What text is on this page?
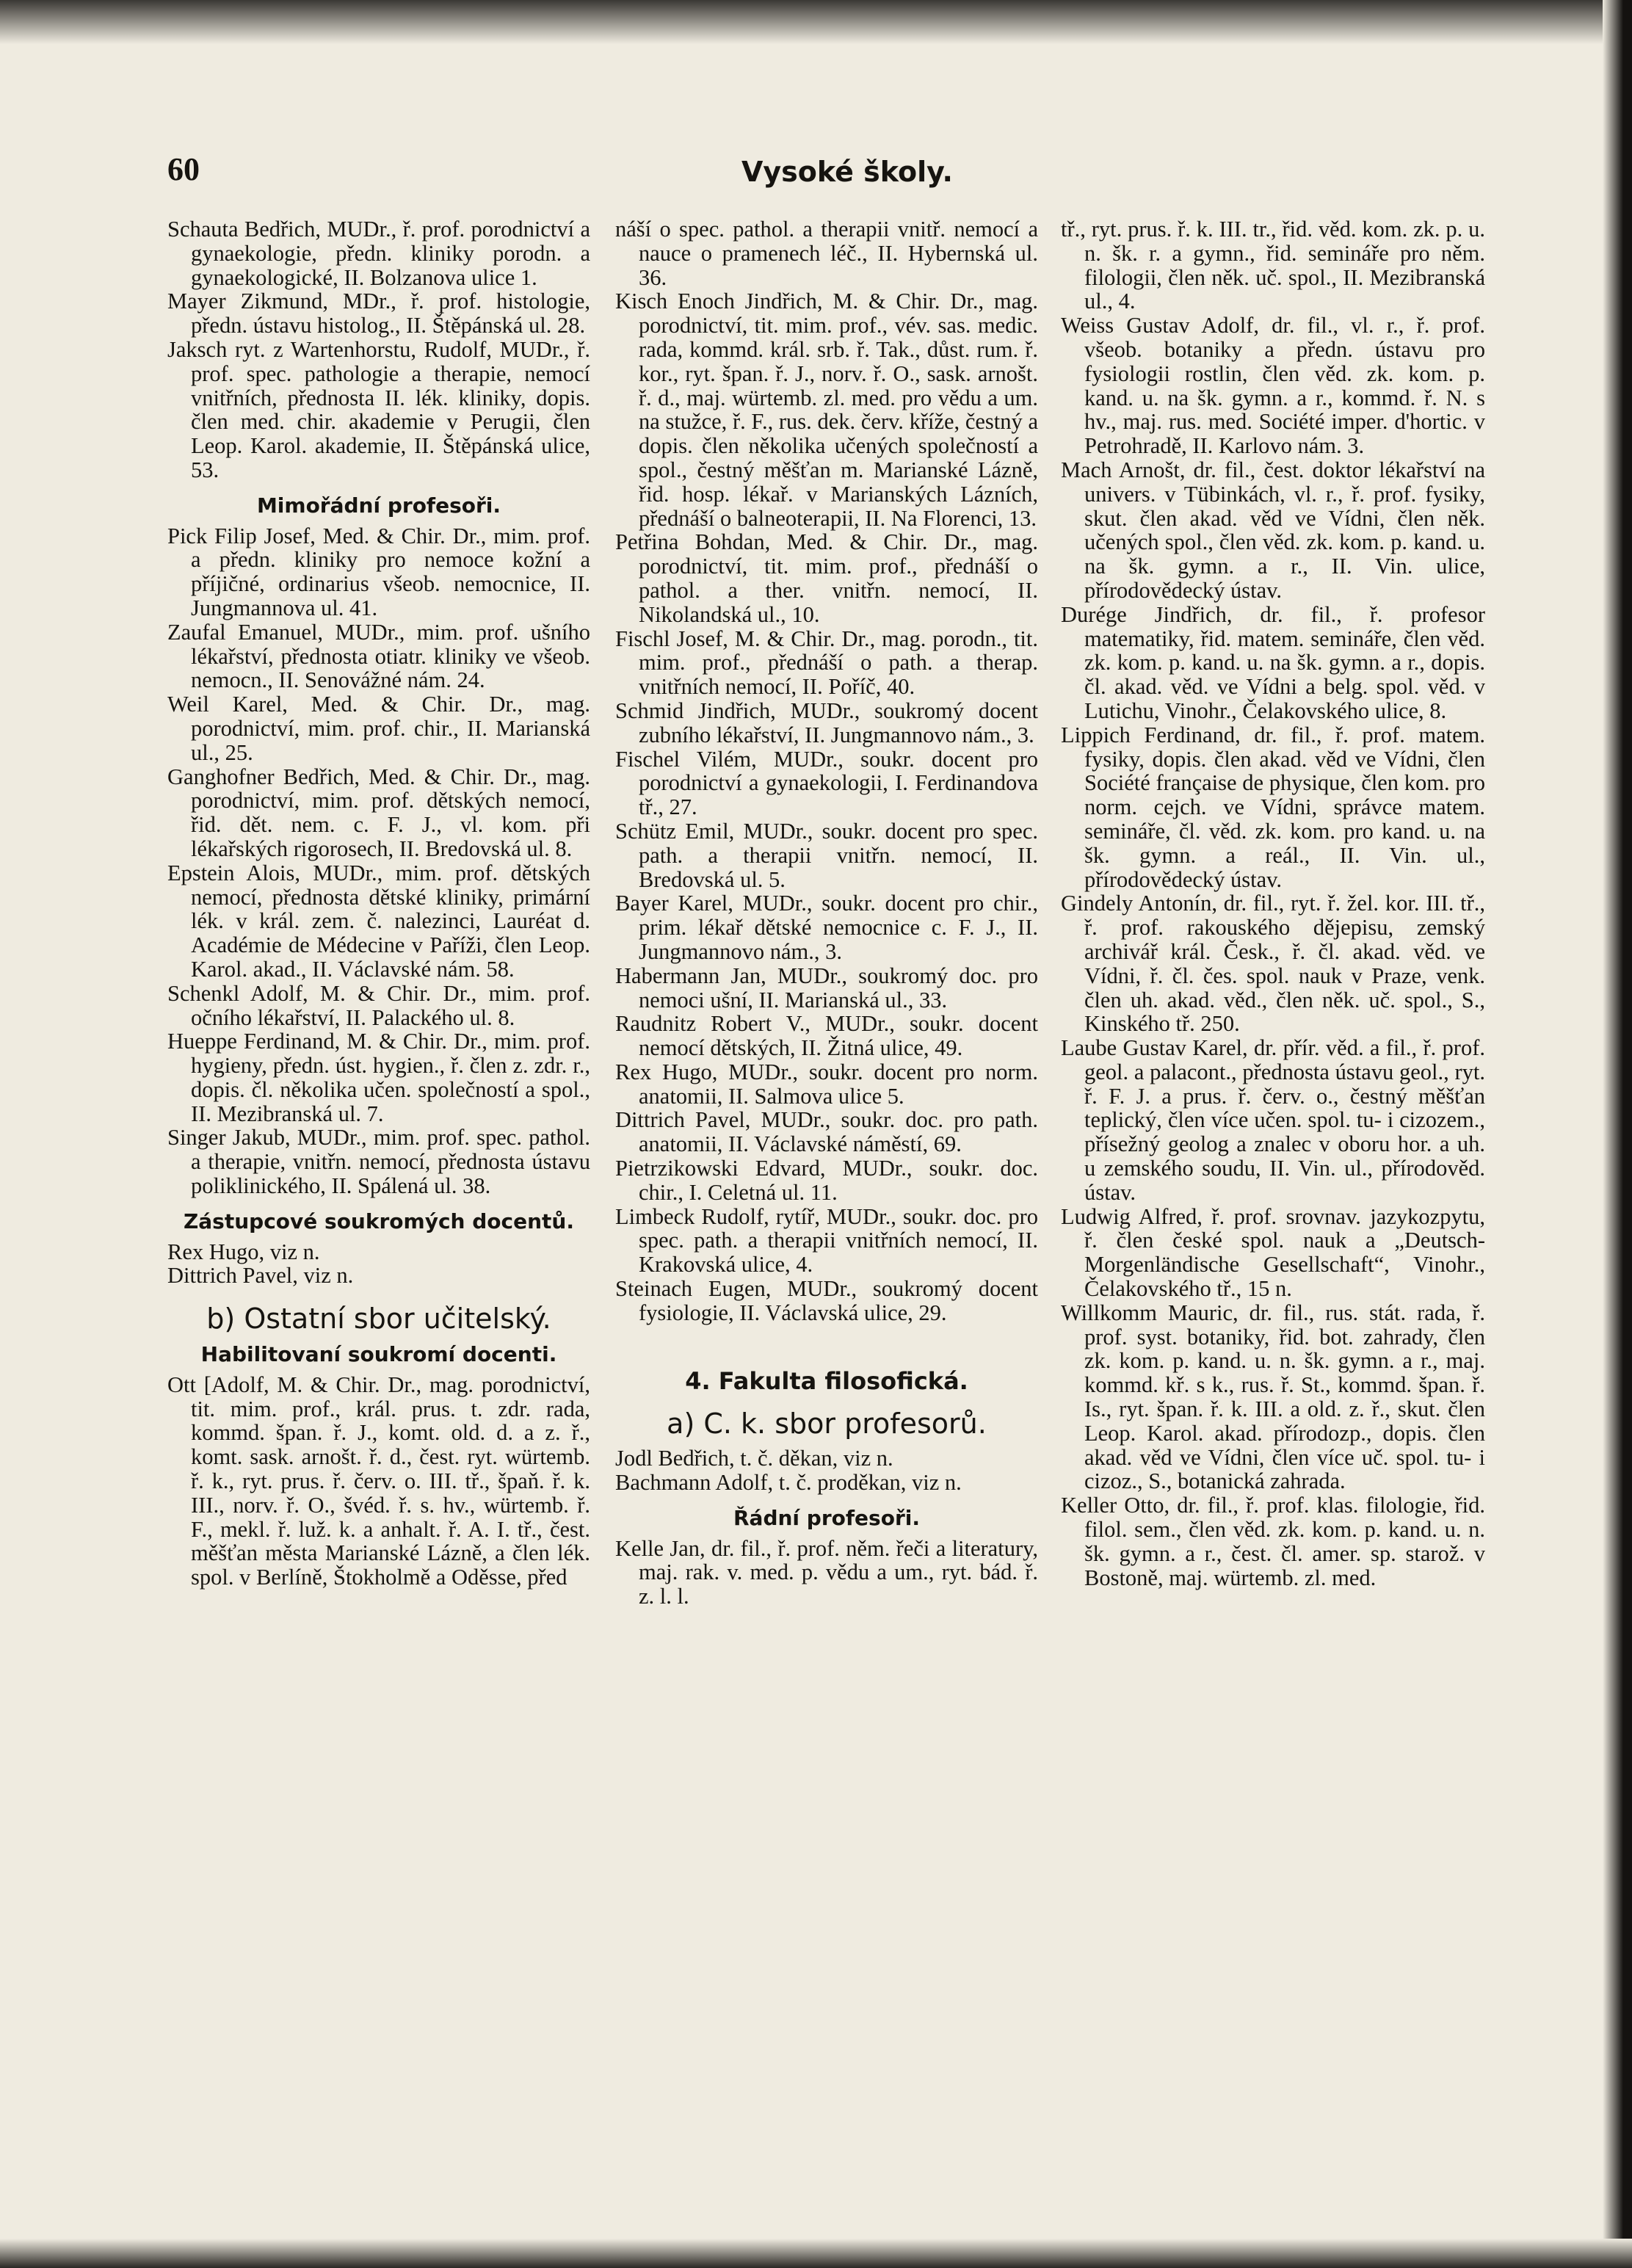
60	Vysoké školy.

Schauta Bedřich, MUDr., ř. prof. porodnictví a gynaekologie, předn. kliniky porodn. a gynaekologické, II. Bolzanova ulice 1.

Mayer Zikmund, MDr., ř. prof. histologie, předn. ústavu histolog., II. Štěpánská ul. 28.

Jaksch ryt. z Wartenhorstu, Rudolf, MUDr., ř. prof. spec. pathologie a therapie, nemocí vnitřních, přednosta II. lék. kliniky, dopis. člen med. chir. akademie v Perugii, člen Leop. Karol. akademie, II. Štěpánská ulice, 53.

Mimořádní profesoři.

Pick Filip Josef, Med. & Chir. Dr., mim. prof. a předn. kliniky pro nemoce kožní a příjičné, ordinarius všeob. nemocnice, II. Jungmannova ul. 41.

Zaufal Emanuel, MUDr., mim. prof. ušního lékařství, přednosta otiatr. kliniky ve všeob. nemocn., II. Senovážné nám. 24.

Weil Karel, Med. & Chir. Dr., mag. porodnictví, mim. prof. chir., II. Marianská ul., 25.

Ganghofner Bedřich, Med. & Chir. Dr., mag. porodnictví, mim. prof. dětských nemocí, řid. dět. nem. c. F. J., vl. kom. při lékařských rigorosech, II. Bredovská ul. 8.

Epstein Alois, MUDr., mim. prof. dětských nemocí, přednosta dětské kliniky, primární lék. v král. zem. č. nalezinci, Lauréat d. Académie de Médecine v Paříži, člen Leop. Karol. akad., II. Václavské nám. 58.

Schenkl Adolf, M. & Chir. Dr., mim. prof. očního lékařství, II. Palackého ul. 8.

Hueppe Ferdinand, M. & Chir. Dr., mim. prof. hygieny, předn. úst. hygien., ř. člen z. zdr. r., dopis. čl. několika učen. společností a spol., II. Mezibranská ul. 7.

Singer Jakub, MUDr., mim. prof. spec. pathol. a therapie, vnitřn. nemocí, přednosta ústavu poliklinického, II. Spálená ul. 38.

Zástupcové soukromých docentů.

Rex Hugo, viz n.

Dittrich Pavel, viz n.

b) Ostatní sbor učitelský.
Habilitovaní soukromí docenti.

Ott [Adolf, M. & Chir. Dr., mag. porodnictví, tit. mim. prof., král. prus. t. zdr. rada, kommd. špan. ř. J., komt. old. d. a z. ř., komt. sask. arnošt. ř. d., čest. ryt. würtemb. ř. k., ryt. prus. ř. červ. o. III. tř., špaň. ř. k. III., norv. ř. O., švéd. ř. s. hv., würtemb. ř. F., mekl. ř. luž. k. a anhalt. ř. A. I. tř., čest. měšťan města Marianské Lázně, a člen lék. spol. v Berlíně, Štokholmě a Oděsse, před

náší o spec. pathol. a therapii vnitř. nemocí a nauce o pramenech léč., II. Hybernská ul. 36.

Kisch Enoch Jindřich, M. & Chir. Dr., mag. porodnictví, tit. mim. prof., vév. sas. medic. rada, kommd. král. srb. ř. Tak., důst. rum. ř. kor., ryt. špan. ř. J., norv. ř. O., sask. arnošt. ř. d., maj. würtemb. zl. med. pro vědu a um. na stužce, ř. F., rus. dek. červ. kříže, čestný a dopis. člen několika učených společností a spol., čestný měšťan m. Marianské Lázně, řid. hosp. lékař. v Marianských Lázních, přednáší o balneoterapii, II. Na Florenci, 13.

Petřina Bohdan, Med. & Chir. Dr., mag. porodnictví, tit. mim. prof., přednáší o pathol. a ther. vnitřn. nemocí, II. Nikolandská ul., 10.

Fischl Josef, M. & Chir. Dr., mag. porodn., tit. mim. prof., přednáší o path. a therap. vnitřních nemocí, II. Poříč, 40.

Schmid Jindřich, MUDr., soukromý docent zubního lékařství, II. Jungmannovo nám., 3.

Fischel Vilém, MUDr., soukr. docent pro porodnictví a gynaekologii, I. Ferdinandova tř., 27.

Schütz Emil, MUDr., soukr. docent pro spec. path. a therapii vnitřn. nemocí, II. Bredovská ul. 5.

Bayer Karel, MUDr., soukr. docent pro chir., prim. lékař dětské nemocnice c. F. J., II. Jungmannovo nám., 3.

Habermann Jan, MUDr., soukromý doc. pro nemoci ušní, II. Marianská ul., 33.

Raudnitz Robert V., MUDr., soukr. docent nemocí dětských, II. Žitná ulice, 49.

Rex Hugo, MUDr., soukr. docent pro norm. anatomii, II. Salmova ulice 5.

Dittrich Pavel, MUDr., soukr. doc. pro path. anatomii, II. Václavské náměstí, 69.

Pietrzikowski Edvard, MUDr., soukr. doc. chir., I. Celetná ul. 11.

Limbeck Rudolf, rytíř, MUDr., soukr. doc. pro spec. path. a therapii vnitřních nemocí, II. Krakovská ulice, 4.

Steinach Eugen, MUDr., soukromý docent fysiologie, II. Václavská ulice, 29.

4. Fakulta filosofická.
a) C. k. sbor profesorů.

Jodl Bedřich, t. č. děkan, viz n.

Bachmann Adolf, t. č. proděkan, viz n.

Řádní profesoři.

Kelle Jan, dr. fil., ř. prof. něm. řeči a literatury, maj. rak. v. med. p. vědu a um., ryt. bád. ř. z. l. l.

tř., ryt. prus. ř. k. III. tr., řid. věd. kom. zk. p. u. n. šk. r. a gymn., řid. semináře pro něm. filologii, člen něk. uč. spol., II. Mezibranská ul., 4.

Weiss Gustav Adolf, dr. fil., vl. r., ř. prof. všeob. botaniky a předn. ústavu pro fysiologii rostlin, člen věd. zk. kom. p. kand. u. na šk. gymn. a r., kommd. ř. N. s hv., maj. rus. med. Société imper. d'hortic. v Petrohradě, II. Karlovo nám. 3.

Mach Arnošt, dr. fil., čest. doktor lékařství na univers. v Tübinkách, vl. r., ř. prof. fysiky, skut. člen akad. věd ve Vídni, člen něk. učených spol., člen věd. zk. kom. p. kand. u. na šk. gymn. a r., II. Vin. ulice, přírodovědecký ústav.

Durége Jindřich, dr. fil., ř. profesor matematiky, řid. matem. semináře, člen věd. zk. kom. p. kand. u. na šk. gymn. a r., dopis. čl. akad. věd. ve Vídni a belg. spol. věd. v Lutichu, Vinohr., Čelakovského ulice, 8.

Lippich Ferdinand, dr. fil., ř. prof. matem. fysiky, dopis. člen akad. věd ve Vídni, člen Société française de physique, člen kom. pro norm. cejch. ve Vídni, správce matem. semináře, čl. věd. zk. kom. pro kand. u. na šk. gymn. a reál., II. Vin. ul., přírodovědecký ústav.

Gindely Antonín, dr. fil., ryt. ř. žel. kor. III. tř., ř. prof. rakouského dějepisu, zemský archivář král. Česk., ř. čl. akad. věd. ve Vídni, ř. čl. čes. spol. nauk v Praze, venk. člen uh. akad. věd., člen něk. uč. spol., S., Kinského tř. 250.

Laube Gustav Karel, dr. přír. věd. a fil., ř. prof. geol. a palacont., přednosta ústavu geol., ryt. ř. F. J. a prus. ř. červ. o., čestný měšťan teplický, člen více učen. spol. tu- i cizozem., přísežný geolog a znalec v oboru hor. a uh. u zemského soudu, II. Vin. ul., přírodověd. ústav.

Ludwig Alfred, ř. prof. srovnav. jazykozpytu, ř. člen české spol. nauk a „Deutsch-Morgenländische Gesellschaft“, Vinohr., Čelakovského tř., 15 n.

Willkomm Mauric, dr. fil., rus. stát. rada, ř. prof. syst. botaniky, řid. bot. zahrady, člen zk. kom. p. kand. u. n. šk. gymn. a r., maj. kommd. kř. s k., rus. ř. St., kommd. špan. ř. Is., ryt. špan. ř. k. III. a old. z. ř., skut. člen Leop. Karol. akad. přírodozp., dopis. člen akad. věd ve Vídni, člen více uč. spol. tu- i cizoz., S., botanická zahrada.

Keller Otto, dr. fil., ř. prof. klas. filologie, řid. filol. sem., člen věd. zk. kom. p. kand. u. n. šk. gymn. a r., čest. čl. amer. sp. starož. v Bostoně, maj. würtemb. zl. med.
